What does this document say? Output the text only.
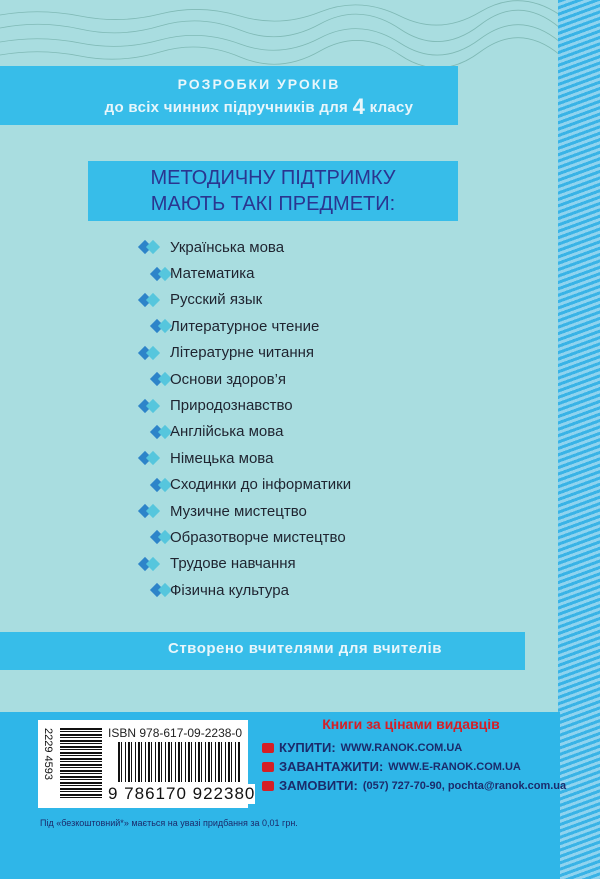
РОЗРОБКИ УРОКІВ
до всіх чинних підручників для 4 класу
МЕТОДИЧНУ ПІДТРИМКУ
МАЮТЬ ТАКІ ПРЕДМЕТИ:
Українська мова
Математика
Русский язык
Литературное чтение
Літературне читання
Основи здоров’я
Природознавство
Англійська мова
Німецька мова
Сходинки до інформатики
Музичне мистецтво
Образотворче мистецтво
Трудове навчання
Фізична культура
Створено вчителями для вчителів
2229 4593	ISBN 978-617-09-2238-0
9 786170 922380
Книги за цінами видавців
КУПИТИ: WWW.RANOK.COM.UA
ЗАВАНТАЖИТИ: WWW.E-RANOK.COM.UA
ЗАМОВИТИ: (057) 727-70-90, pochta@ranok.com.ua
Під «безкоштовний*» мається на увазі придбання за 0,01 грн.
